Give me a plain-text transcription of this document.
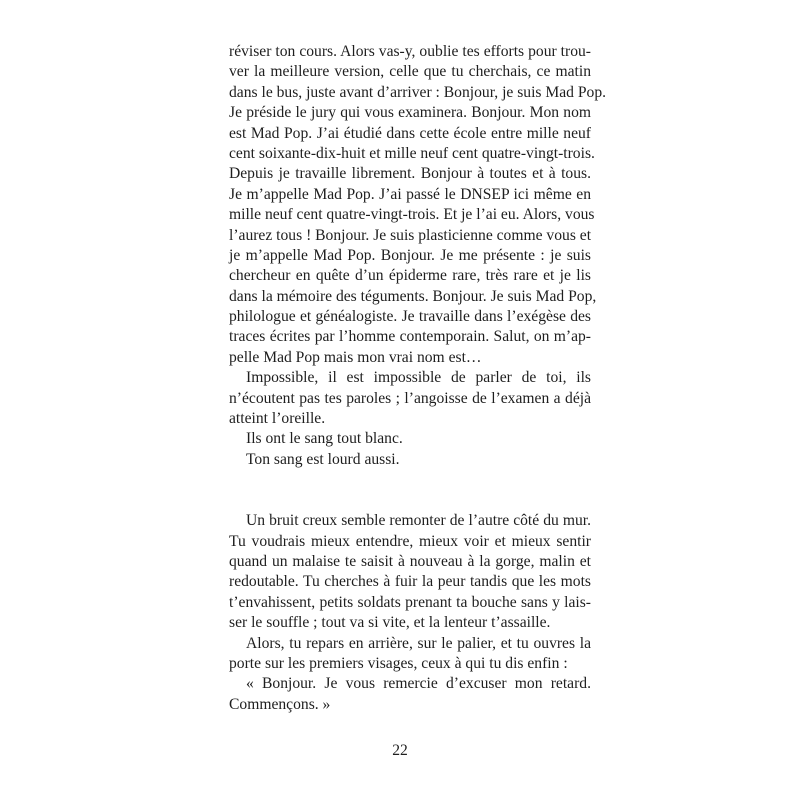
réviser ton cours. Alors vas-y, oublie tes efforts pour trou-
ver la meilleure version, celle que tu cherchais, ce matin
dans le bus, juste avant d’arriver : Bonjour, je suis Mad Pop.
Je préside le jury qui vous examinera. Bonjour. Mon nom
est Mad Pop. J’ai étudié dans cette école entre mille neuf
cent soixante-dix-huit et mille neuf cent quatre-vingt-trois.
Depuis je travaille librement. Bonjour à toutes et à tous.
Je m’appelle Mad Pop. J’ai passé le DNSEP ici même en
mille neuf cent quatre-vingt-trois. Et je l’ai eu. Alors, vous
l’aurez tous ! Bonjour. Je suis plasticienne comme vous et
je m’appelle Mad Pop. Bonjour. Je me présente : je suis
chercheur en quête d’un épiderme rare, très rare et je lis
dans la mémoire des téguments. Bonjour. Je suis Mad Pop,
philologue et généalogiste. Je travaille dans l’exégèse des
traces écrites par l’homme contemporain. Salut, on m’ap-
pelle Mad Pop mais mon vrai nom est…
Impossible, il est impossible de parler de toi, ils
n’écoutent pas tes paroles ; l’angoisse de l’examen a déjà
atteint l’oreille.
Ils ont le sang tout blanc.
Ton sang est lourd aussi.
Un bruit creux semble remonter de l’autre côté du mur.
Tu voudrais mieux entendre, mieux voir et mieux sentir
quand un malaise te saisit à nouveau à la gorge, malin et
redoutable. Tu cherches à fuir la peur tandis que les mots
t’envahissent, petits soldats prenant ta bouche sans y lais-
ser le souffle ; tout va si vite, et la lenteur t’assaille.
Alors, tu repars en arrière, sur le palier, et tu ouvres la
porte sur les premiers visages, ceux à qui tu dis enfin :
« Bonjour. Je vous remercie d’excuser mon retard.
Commençons. »
22
